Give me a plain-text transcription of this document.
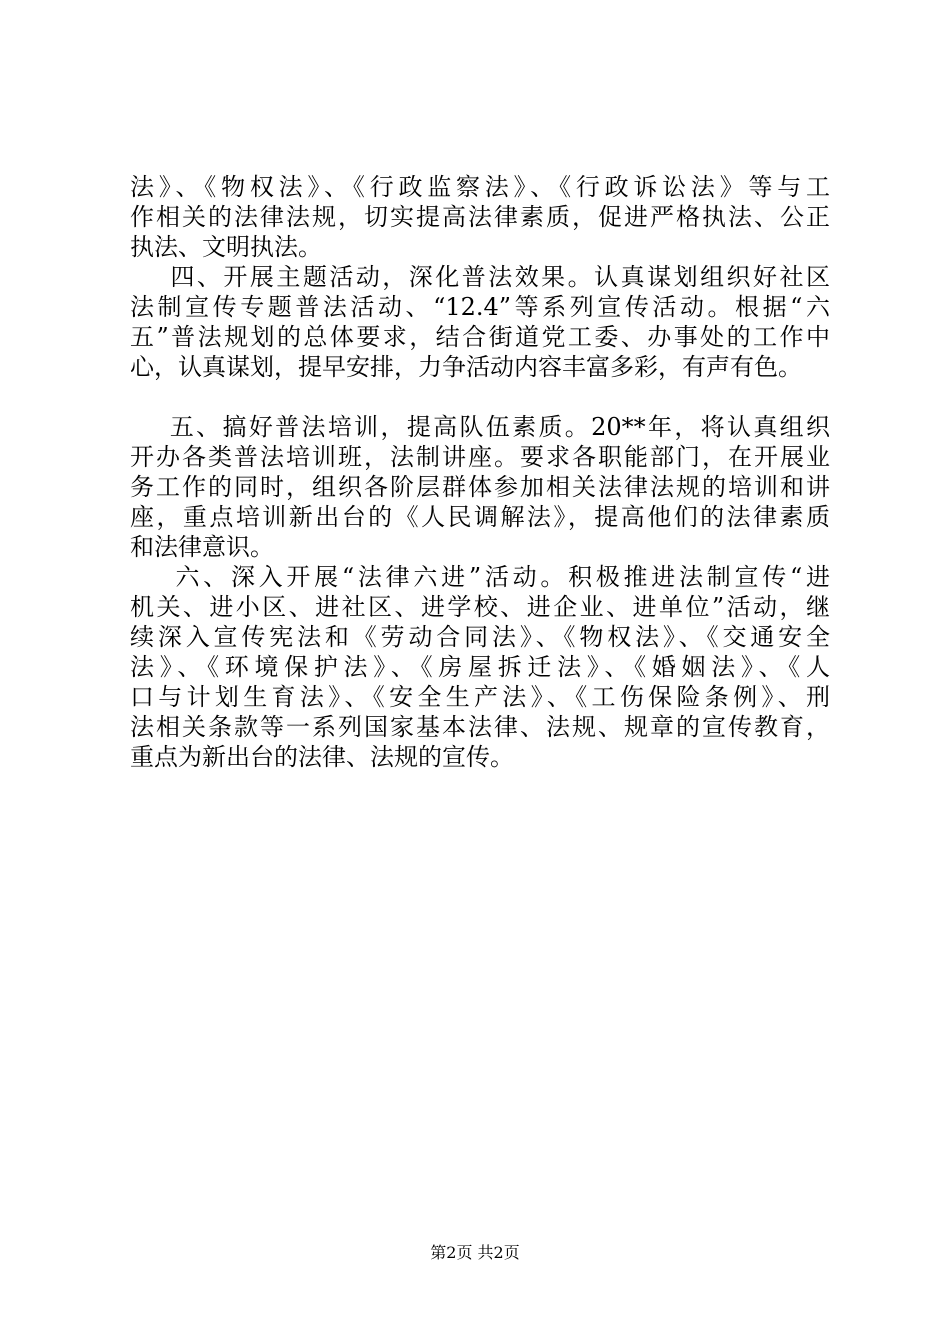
法》、《物权法》、《行政监察法》、《行政诉讼法》等与工
作相关的法律法规，切实提高法律素质，促进严格执法、公正
执法、文明执法。
四、开展主题活动，深化普法效果。认真谋划组织好社区
法制宣传专题普法活动、“12.4”等系列宣传活动。根据“六
五”普法规划的总体要求，结合街道党工委、办事处的工作中
心，认真谋划，提早安排，力争活动内容丰富多彩，有声有色。
五、搞好普法培训，提高队伍素质。20**年，将认真组织
开办各类普法培训班，法制讲座。要求各职能部门，在开展业
务工作的同时，组织各阶层群体参加相关法律法规的培训和讲
座，重点培训新出台的《人民调解法》，提高他们的法律素质
和法律意识。
六、深入开展“法律六进”活动。积极推进法制宣传“进
机关、进小区、进社区、进学校、进企业、进单位”活动，继
续深入宣传宪法和《劳动合同法》、《物权法》、《交通安全
法》、《环境保护法》、《房屋拆迁法》、《婚姻法》、《人
口与计划生育法》、《安全生产法》、《工伤保险条例》、刑
法相关条款等一系列国家基本法律、法规、规章的宣传教育，
重点为新出台的法律、法规的宣传。
第2页 共2页
